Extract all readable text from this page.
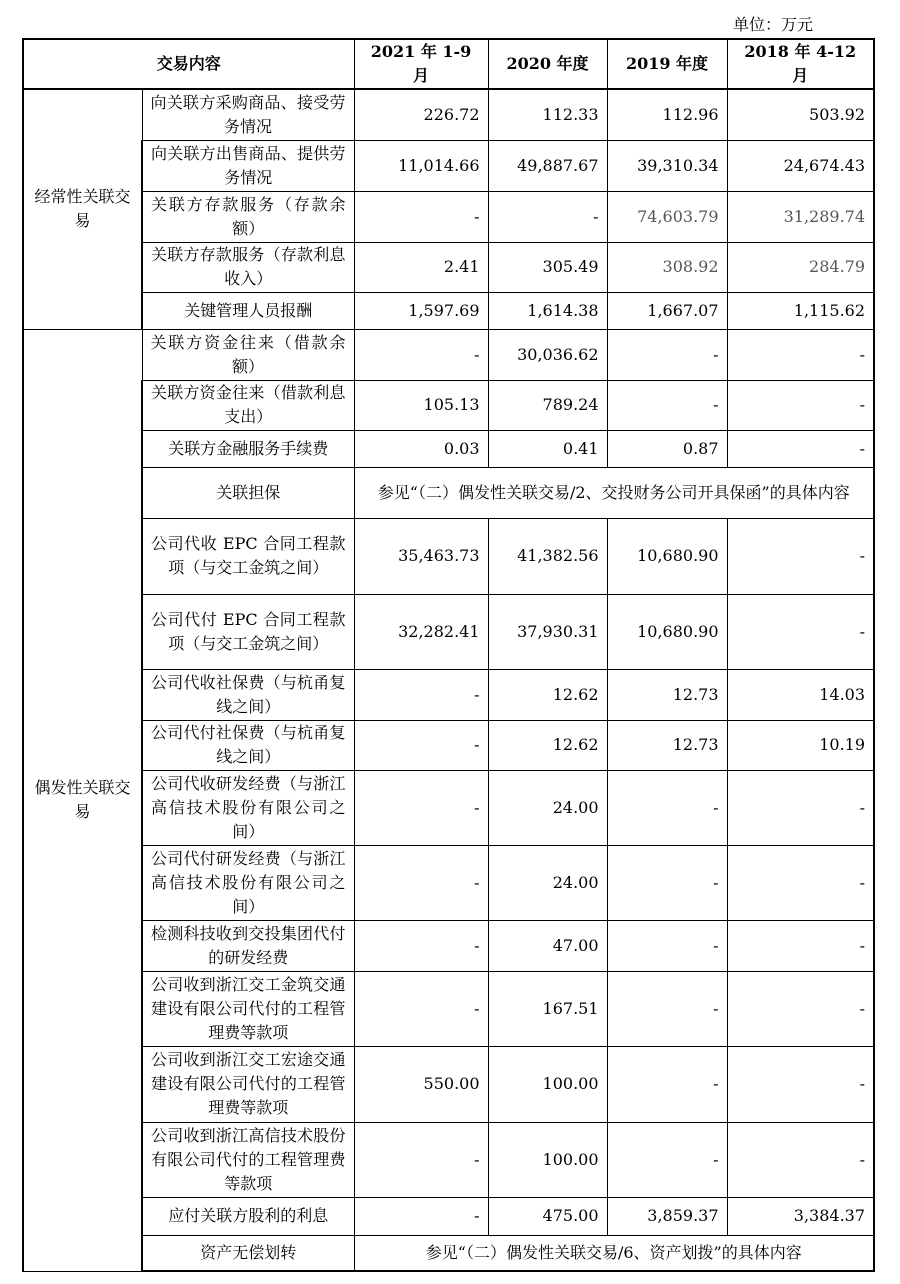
单位：万元
交易内容		2021 年 1-9 月	2020 年度	2019 年度	2018 年 4-12 月
经常性关联交易	向关联方采购商品、接受劳务情况	226.72	112.33	112.96	503.92
	向关联方出售商品、提供劳务情况	11,014.66	49,887.67	39,310.34	24,674.43
	关联方存款服务（存款余额）	-	-	74,603.79	31,289.74
	关联方存款服务（存款利息收入）	2.41	305.49	308.92	284.79
	关键管理人员报酬	1,597.69	1,614.38	1,667.07	1,115.62
偶发性关联交易	关联方资金往来（借款余额）	-	30,036.62	-	-
	关联方资金往来（借款利息支出）	105.13	789.24	-	-
	关联方金融服务手续费	0.03	0.41	0.87	-
	关联担保	参见“（二）偶发性关联交易/2、交投财务公司开具保函”的具体内容			
	公司代收 EPC 合同工程款项（与交工金筑之间）	35,463.73	41,382.56	10,680.90	-
	公司代付 EPC 合同工程款项（与交工金筑之间）	32,282.41	37,930.31	10,680.90	-
	公司代收社保费（与杭甬复线之间）	-	12.62	12.73	14.03
	公司代付社保费（与杭甬复线之间）	-	12.62	12.73	10.19
	公司代收研发经费（与浙江高信技术股份有限公司之间）	-	24.00	-	-
	公司代付研发经费（与浙江高信技术股份有限公司之间）	-	24.00	-	-
	检测科技收到交投集团代付的研发经费	-	47.00	-	-
	公司收到浙江交工金筑交通建设有限公司代付的工程管理费等款项	-	167.51	-	-
	公司收到浙江交工宏途交通建设有限公司代付的工程管理费等款项	550.00	100.00	-	-
	公司收到浙江高信技术股份有限公司代付的工程管理费等款项	-	100.00	-	-
	应付关联方股利的利息	-	475.00	3,859.37	3,384.37
	资产无偿划转	参见“（二）偶发性关联交易/6、资产划拨”的具体内容			
